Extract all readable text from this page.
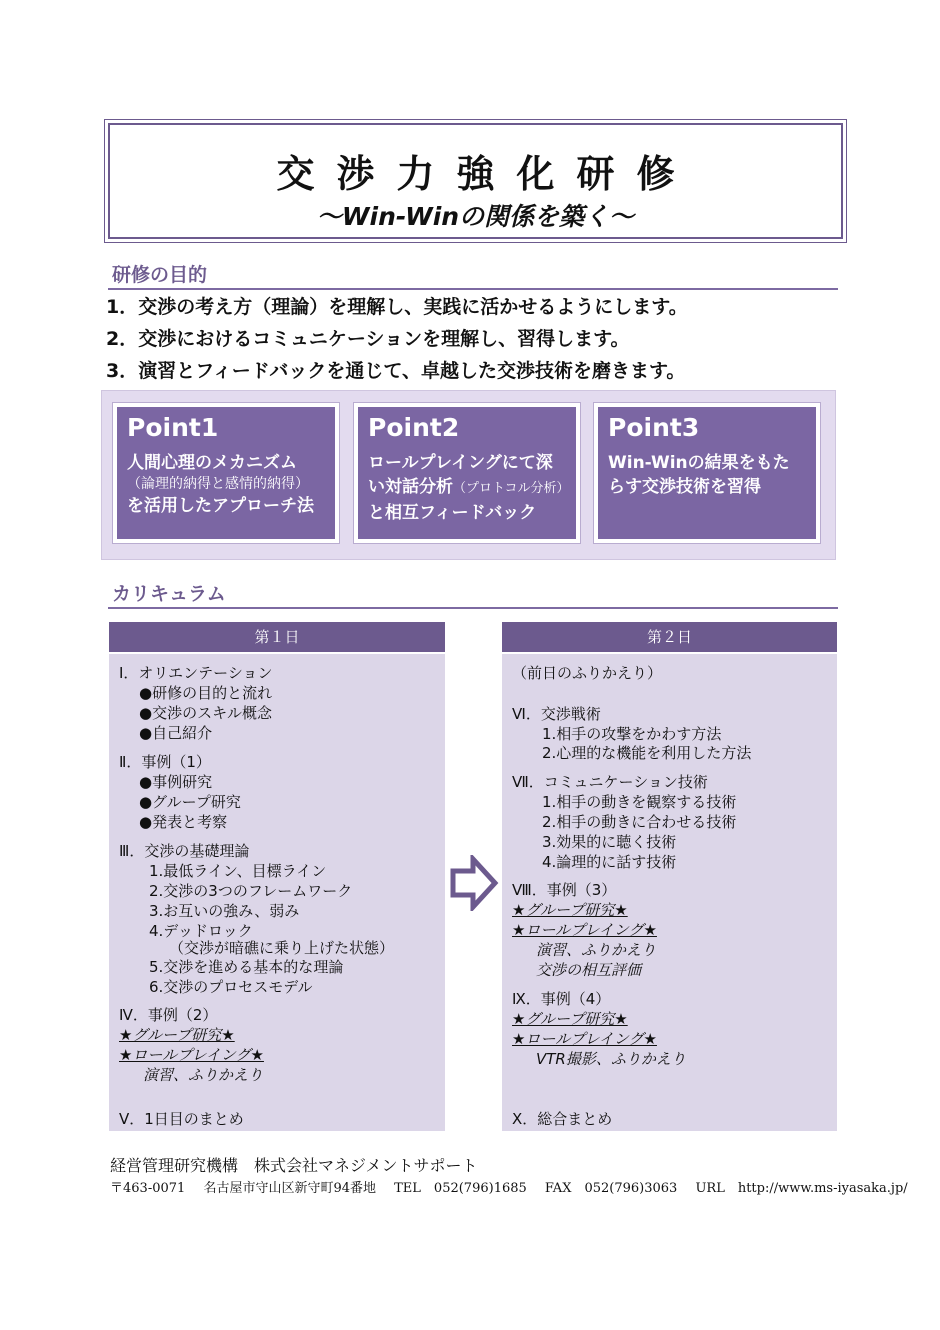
交渉力強化研修
〜Win-Winの関係を築く〜
研修の目的
1．交渉の考え方（理論）を理解し、実践に活かせるようにします。
2．交渉におけるコミュニケーションを理解し、習得します。
3．演習とフィードバックを通じて、卓越した交渉技術を磨きます。
Point1
人間心理のメカニズム
（論理的納得と感情的納得）
を活用したアプローチ法
Point2
ロールプレイングにて深
い対話分析（プロトコル分析）
と相互フィードバック
Point3
Win-Winの結果をもた
らす交渉技術を習得
カリキュラム
第１日
Ⅰ．オリエンテーション
●研修の目的と流れ
●交渉のスキル概念
●自己紹介
Ⅱ．事例（1）
●事例研究
●グループ研究
●発表と考察
Ⅲ．交渉の基礎理論
1.最低ライン、目標ライン
2.交渉の3つのフレームワーク
3.お互いの強み、弱み
4.デッドロック
（交渉が暗礁に乗り上げた状態）
5.交渉を進める基本的な理論
6.交渉のプロセスモデル
Ⅳ．事例（2）
★グループ研究★
★ロールプレイング★
演習、ふりかえり
Ⅴ．1日目のまとめ
第２日
（前日のふりかえり）
Ⅵ．交渉戦術
1.相手の攻撃をかわす方法
2.心理的な機能を利用した方法
Ⅶ．コミュニケーション技術
1.相手の動きを観察する技術
2.相手の動きに合わせる技術
3.効果的に聴く技術
4.論理的に話す技術
Ⅷ．事例（3）
★グループ研究★
★ロールプレイング★
演習、ふりかえり
交渉の相互評価
Ⅸ．事例（4）
★グループ研究★
★ロールプレイング★
VTR撮影、ふりかえり
Ⅹ．総合まとめ
経営管理研究機構　株式会社マネジメントサポート
〒463-0071 名古屋市守山区新守町94番地 TEL　052(796)1685 FAX　052(796)3063 URL　http://www.ms-iyasaka.jp/
